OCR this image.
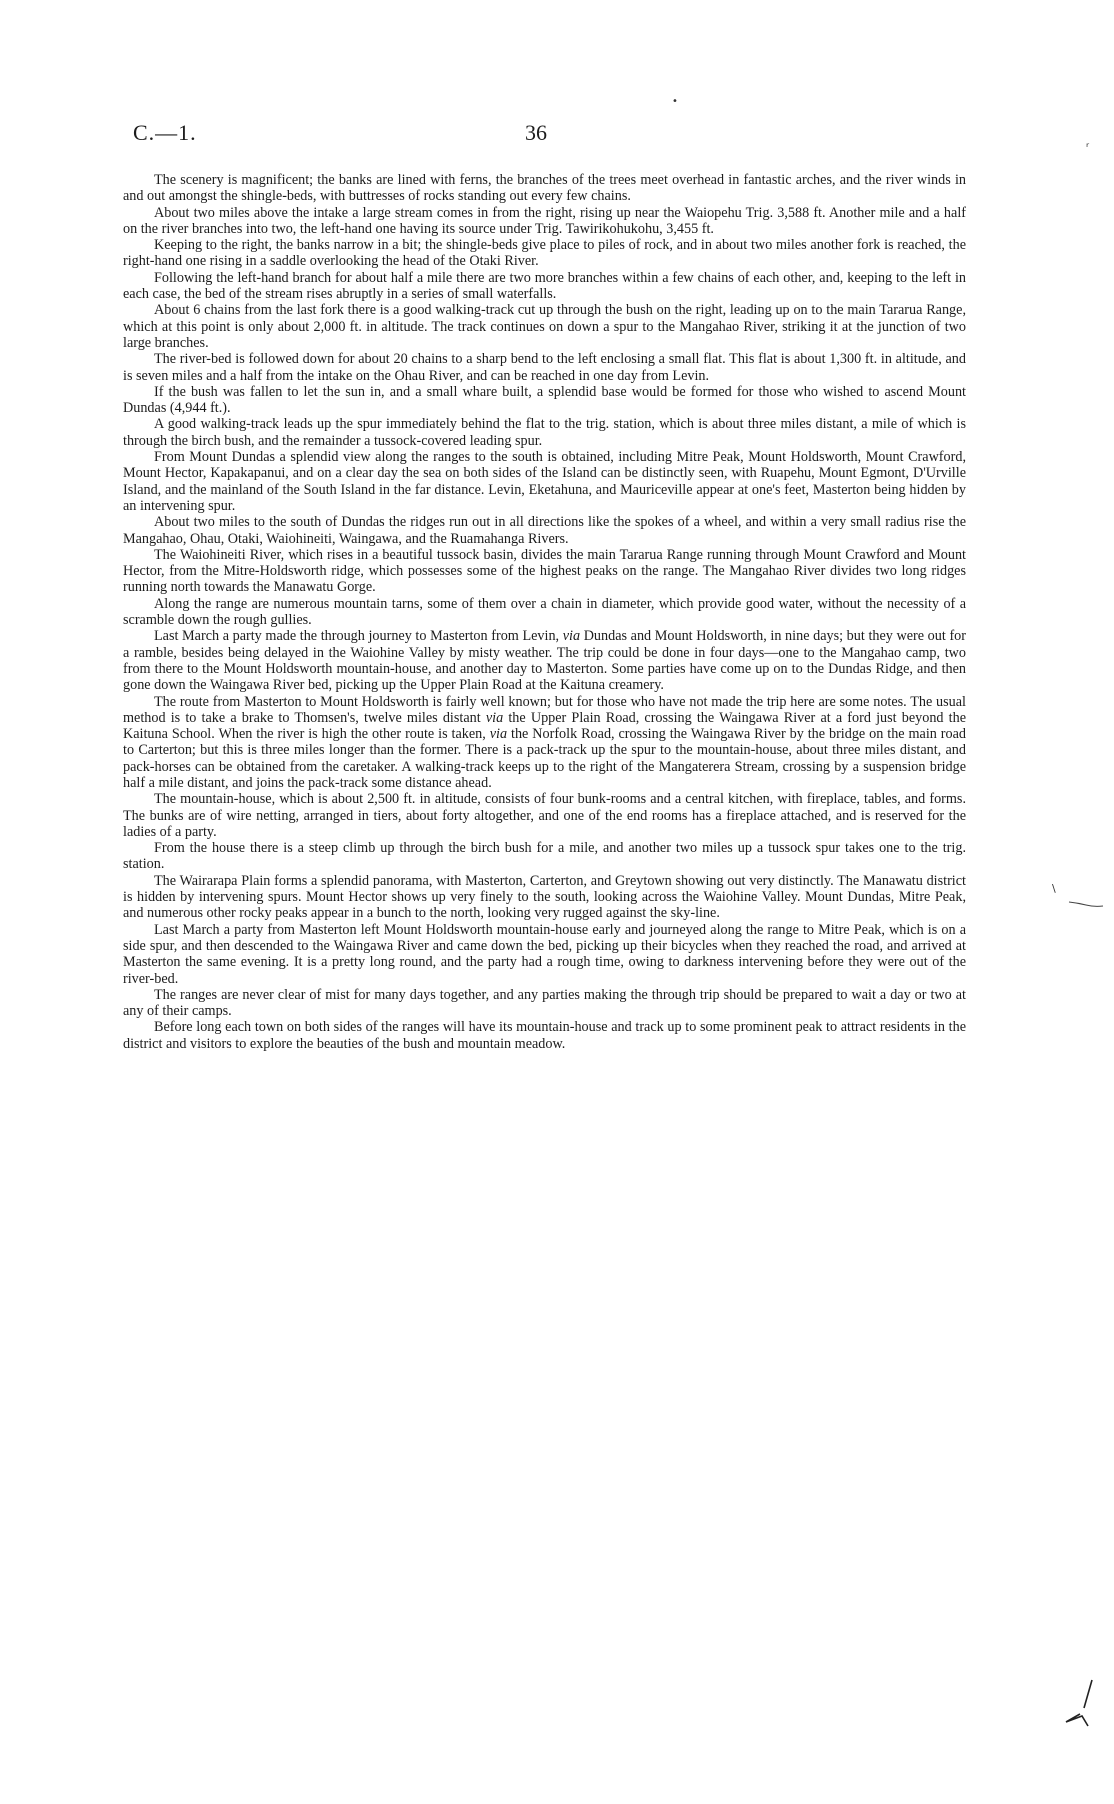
•
ʳ
C.—1.	36

The scenery is magnificent; the banks are lined with ferns, the branches of the trees meet overhead in fantastic arches, and the river winds in and out amongst the shingle-beds, with buttresses of rocks standing out every few chains.

About two miles above the intake a large stream comes in from the right, rising up near the Waiopehu Trig. 3,588 ft. Another mile and a half on the river branches into two, the left-hand one having its source under Trig. Tawirikohukohu, 3,455 ft.

Keeping to the right, the banks narrow in a bit; the shingle-beds give place to piles of rock, and in about two miles another fork is reached, the right-hand one rising in a saddle overlooking the head of the Otaki River.

Following the left-hand branch for about half a mile there are two more branches within a few chains of each other, and, keeping to the left in each case, the bed of the stream rises abruptly in a series of small waterfalls.

About 6 chains from the last fork there is a good walking-track cut up through the bush on the right, leading up on to the main Tararua Range, which at this point is only about 2,000 ft. in altitude. The track continues on down a spur to the Mangahao River, striking it at the junction of two large branches.

The river-bed is followed down for about 20 chains to a sharp bend to the left enclosing a small flat. This flat is about 1,300 ft. in altitude, and is seven miles and a half from the intake on the Ohau River, and can be reached in one day from Levin.

If the bush was fallen to let the sun in, and a small whare built, a splendid base would be formed for those who wished to ascend Mount Dundas (4,944 ft.).

A good walking-track leads up the spur immediately behind the flat to the trig. station, which is about three miles distant, a mile of which is through the birch bush, and the remainder a tussock-covered leading spur.

From Mount Dundas a splendid view along the ranges to the south is obtained, including Mitre Peak, Mount Holdsworth, Mount Crawford, Mount Hector, Kapakapanui, and on a clear day the sea on both sides of the Island can be distinctly seen, with Ruapehu, Mount Egmont, D'Urville Island, and the mainland of the South Island in the far distance. Levin, Eketahuna, and Mauriceville appear at one's feet, Masterton being hidden by an intervening spur.

About two miles to the south of Dundas the ridges run out in all directions like the spokes of a wheel, and within a very small radius rise the Mangahao, Ohau, Otaki, Waiohineiti, Waingawa, and the Ruamahanga Rivers.

The Waiohineiti River, which rises in a beautiful tussock basin, divides the main Tararua Range running through Mount Crawford and Mount Hector, from the Mitre-Holdsworth ridge, which possesses some of the highest peaks on the range. The Mangahao River divides two long ridges running north towards the Manawatu Gorge.

Along the range are numerous mountain tarns, some of them over a chain in diameter, which provide good water, without the necessity of a scramble down the rough gullies.

Last March a party made the through journey to Masterton from Levin, via Dundas and Mount Holdsworth, in nine days; but they were out for a ramble, besides being delayed in the Waiohine Valley by misty weather. The trip could be done in four days—one to the Mangahao camp, two from there to the Mount Holdsworth mountain-house, and another day to Masterton. Some parties have come up on to the Dundas Ridge, and then gone down the Waingawa River bed, picking up the Upper Plain Road at the Kaituna creamery.

The route from Masterton to Mount Holdsworth is fairly well known; but for those who have not made the trip here are some notes. The usual method is to take a brake to Thomsen's, twelve miles distant via the Upper Plain Road, crossing the Waingawa River at a ford just beyond the Kaituna School. When the river is high the other route is taken, via the Norfolk Road, crossing the Waingawa River by the bridge on the main road to Carterton; but this is three miles longer than the former. There is a pack-track up the spur to the mountain-house, about three miles distant, and pack-horses can be obtained from the caretaker. A walking-track keeps up to the right of the Mangaterera Stream, crossing by a suspension bridge half a mile distant, and joins the pack-track some distance ahead.

The mountain-house, which is about 2,500 ft. in altitude, consists of four bunk-rooms and a central kitchen, with fireplace, tables, and forms. The bunks are of wire netting, arranged in tiers, about forty altogether, and one of the end rooms has a fireplace attached, and is reserved for the ladies of a party.

From the house there is a steep climb up through the birch bush for a mile, and another two miles up a tussock spur takes one to the trig. station.

The Wairarapa Plain forms a splendid panorama, with Masterton, Carterton, and Greytown showing out very distinctly. The Manawatu district is hidden by intervening spurs. Mount Hector shows up very finely to the south, looking across the Waiohine Valley. Mount Dundas, Mitre Peak, and numerous other rocky peaks appear in a bunch to the north, looking very rugged against the sky-line.

Last March a party from Masterton left Mount Holdsworth mountain-house early and journeyed along the range to Mitre Peak, which is on a side spur, and then descended to the Waingawa River and came down the bed, picking up their bicycles when they reached the road, and arrived at Masterton the same evening. It is a pretty long round, and the party had a rough time, owing to darkness intervening before they were out of the river-bed.

The ranges are never clear of mist for many days together, and any parties making the through trip should be prepared to wait a day or two at any of their camps.

Before long each town on both sides of the ranges will have its mountain-house and track up to some prominent peak to attract residents in the district and visitors to explore the beauties of the bush and mountain meadow.

\
